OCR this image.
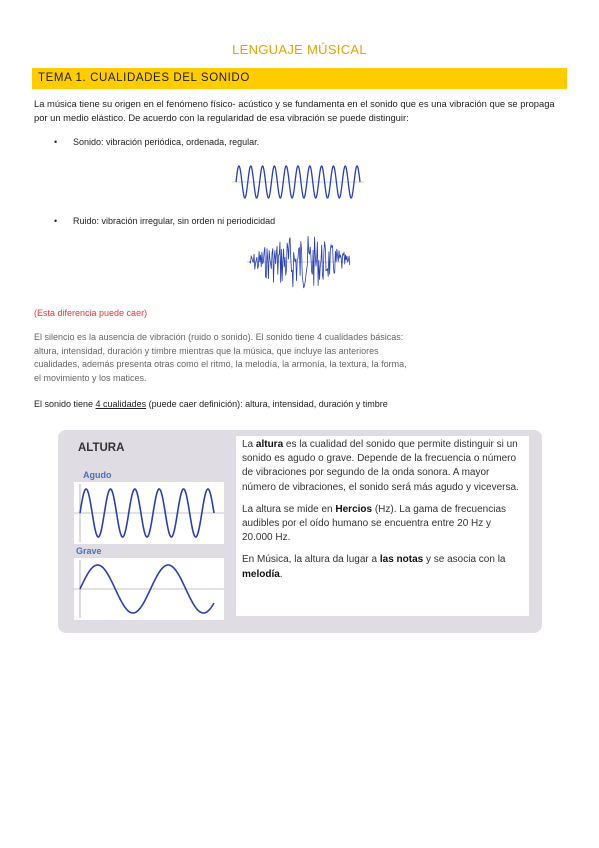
LENGUAJE MÚSICAL
TEMA 1. CUALIDADES DEL SONIDO
La música tiene su origen en el fenómeno físico- acústico y se fundamenta en el sonido que es una vibración que se propaga por un medio elástico. De acuerdo con la regularidad de esa vibración se puede distinguir:
• Sonido: vibración periódica, ordenada, regular.
• Ruido: vibración irregular, sin orden ni periodicidad
(Esta diferencia puede caer)
El silencio es la ausencia de vibración (ruido o sonido). El sonido tiene 4 cualidades básicas:
altura, intensidad, duración y timbre mientras que la música, que incluye las anteriores
cualidades, además presenta otras como el ritmo, la melodía, la armonía, la textura, la forma,
el movimiento y los matices.
El sonido tiene 4 cualidades (puede caer definición): altura, intensidad, duración y timbre
ALTURA
Agudo
Grave

La altura es la cualidad del sonido que permite distinguir si un sonido es agudo o grave. Depende de la frecuencia o número de vibraciones por segundo de la onda sonora. A mayor número de vibraciones, el sonido será más agudo y viceversa.

La altura se mide en Hercios (Hz). La gama de frecuencias audibles por el oído humano se encuentra entre 20 Hz y 20.000 Hz.

En Música, la altura da lugar a las notas y se asocia con la melodía.
